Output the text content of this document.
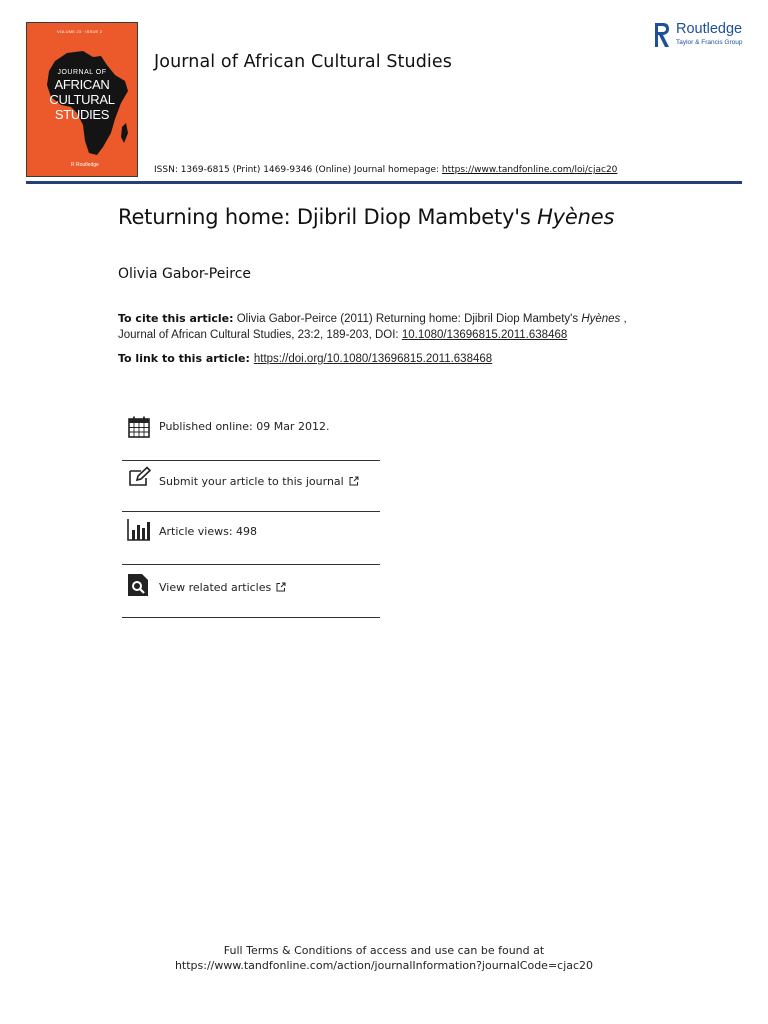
VOLUME 23 · ISSUE 2
JOURNAL OF
AFRICAN
CULTURAL
STUDIES
R Routledge
Journal of African Cultural Studies
ISSN: 1369-6815 (Print) 1469-9346 (Online) Journal homepage: https://www.tandfonline.com/loi/cjac20
Routledge
Taylor & Francis Group
Returning home: Djibril Diop Mambety's Hyènes
Olivia Gabor-Peirce
To cite this article: Olivia Gabor-Peirce (2011) Returning home: Djibril Diop Mambety's Hyènes , Journal of African Cultural Studies, 23:2, 189-203, DOI: 10.1080/13696815.2011.638468
To link to this article: https://doi.org/10.1080/13696815.2011.638468
Published online: 09 Mar 2012.
Submit your article to this journal
Article views: 498
View related articles
Full Terms & Conditions of access and use can be found at
https://www.tandfonline.com/action/journalInformation?journalCode=cjac20
